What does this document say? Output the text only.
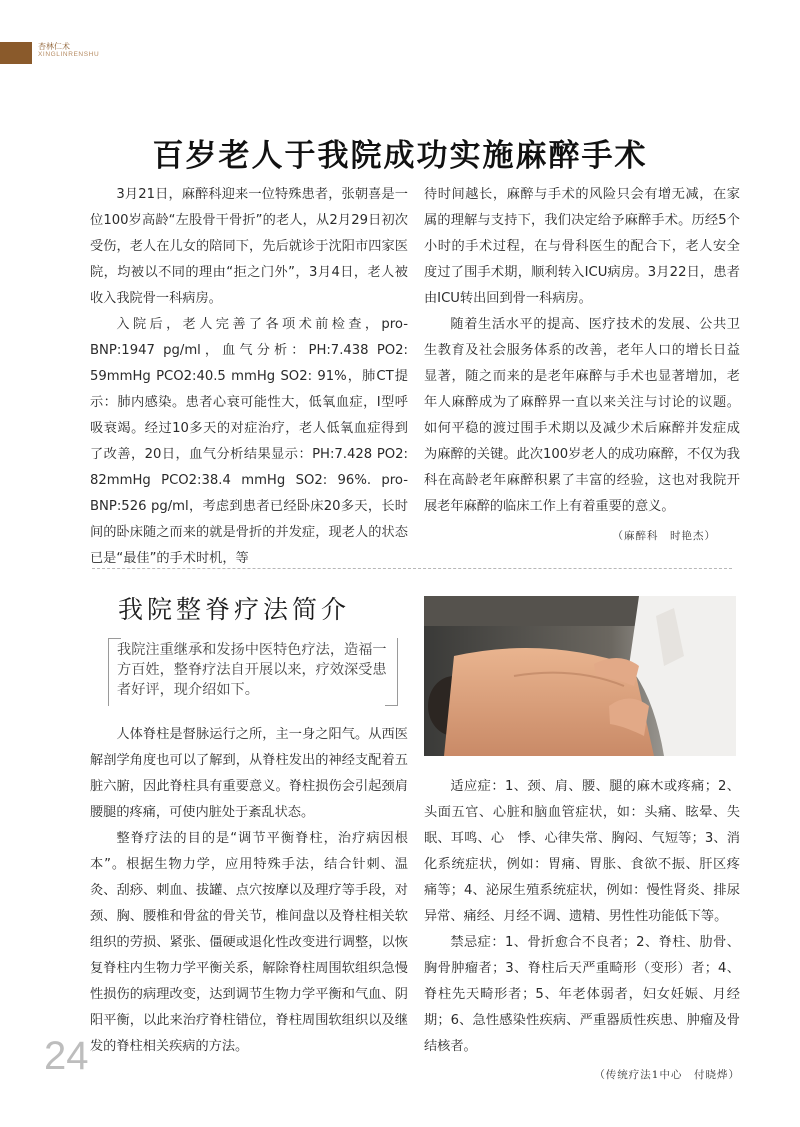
杏林仁术
XINGLINRENSHU
百岁老人于我院成功实施麻醉手术

3月21日，麻醉科迎来一位特殊患者，张朝喜是一位100岁高龄“左股骨干骨折”的老人，从2月29日初次受伤，老人在儿女的陪同下，先后就诊于沈阳市四家医院，均被以不同的理由“拒之门外”，3月4日，老人被收入我院骨一科病房。

入院后，老人完善了各项术前检查，pro-BNP:1947 pg/ml，血气分析：PH:7.438 PO2: 59mmHg PCO2:40.5 mmHg SO2: 91%，肺CT提示：肺内感染。患者心衰可能性大，低氧血症，Ⅰ型呼吸衰竭。经过10多天的对症治疗，老人低氧血症得到了改善，20日，血气分析结果显示：PH:7.428 PO2: 82mmHg PCO2:38.4 mmHg SO2: 96%. pro-BNP:526 pg/ml，考虑到患者已经卧床20多天，长时间的卧床随之而来的就是骨折的并发症，现老人的状态已是“最佳”的手术时机，等

待时间越长，麻醉与手术的风险只会有增无减，在家属的理解与支持下，我们决定给予麻醉手术。历经5个小时的手术过程，在与骨科医生的配合下，老人安全度过了围手术期，顺利转入ICU病房。3月22日，患者由ICU转出回到骨一科病房。

随着生活水平的提高、医疗技术的发展、公共卫生教育及社会服务体系的改善，老年人口的增长日益显著，随之而来的是老年麻醉与手术也显著增加，老年人麻醉成为了麻醉界一直以来关注与讨论的议题。如何平稳的渡过围手术期以及减少术后麻醉并发症成为麻醉的关键。此次100岁老人的成功麻醉，不仅为我科在高龄老年麻醉积累了丰富的经验，这也对我院开展老年麻醉的临床工作上有着重要的意义。

（麻醉科　时艳杰）
我院整脊疗法简介
我院注重继承和发扬中医特色疗法，造福一方百姓，整脊疗法自开展以来，疗效深受患者好评，现介绍如下。

人体脊柱是督脉运行之所，主一身之阳气。从西医解剖学角度也可以了解到，从脊柱发出的神经支配着五脏六腑，因此脊柱具有重要意义。脊柱损伤会引起颈肩腰腿的疼痛，可使内脏处于紊乱状态。

整脊疗法的目的是“调节平衡脊柱，治疗病因根本”。根据生物力学，应用特殊手法，结合针刺、温灸、刮痧、刺血、拔罐、点穴按摩以及理疗等手段，对颈、胸、腰椎和骨盆的骨关节，椎间盘以及脊柱相关软组织的劳损、紧张、僵硬或退化性改变进行调整，以恢复脊柱内生物力学平衡关系，解除脊柱周围软组织急慢性损伤的病理改变，达到调节生物力学平衡和气血、阴阳平衡，以此来治疗脊柱错位，脊柱周围软组织以及继发的脊柱相关疾病的方法。

适应症：1、颈、肩、腰、腿的麻木或疼痛；2、头面五官、心脏和脑血管症状，如：头痛、眩晕、失眠、耳鸣、心　悸、心律失常、胸闷、气短等；3、消化系统症状，例如：胃痛、胃胀、食欲不振、肝区疼痛等；4、泌尿生殖系统症状，例如：慢性肾炎、排尿异常、痛经、月经不调、遗精、男性性功能低下等。

禁忌症：1、骨折愈合不良者；2、脊柱、肋骨、胸骨肿瘤者；3、脊柱后天严重畸形（变形）者；4、脊柱先天畸形者；5、年老体弱者，妇女妊娠、月经期；6、急性感染性疾病、严重器质性疾患、肿瘤及骨结核者。

（传统疗法1中心　付晓烨）
24
